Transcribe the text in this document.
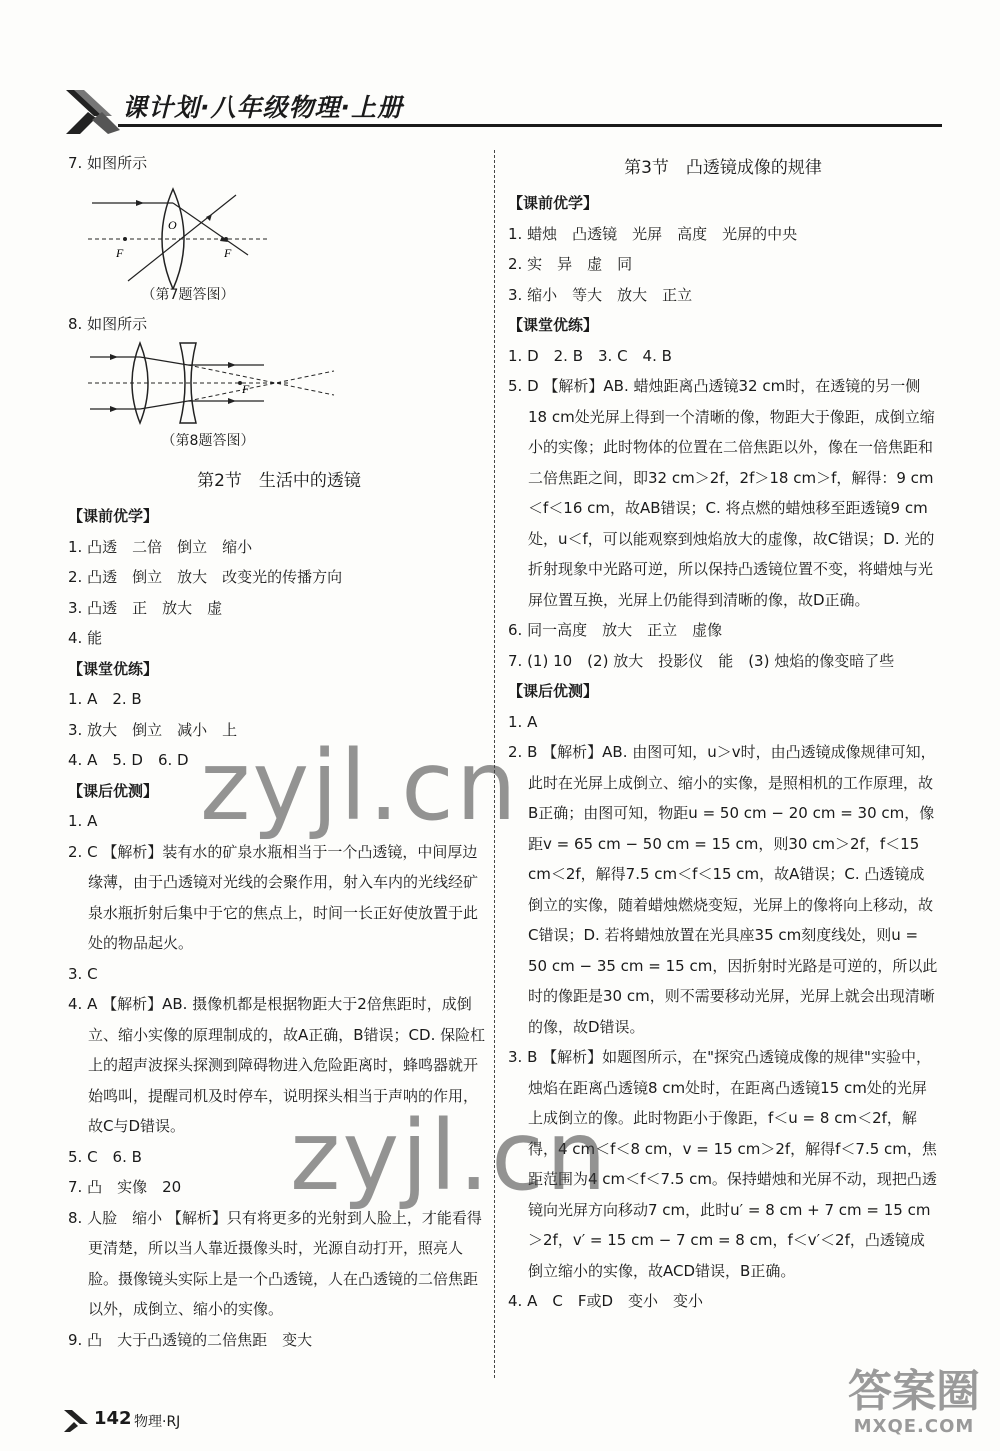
课计划·八年级物理·上册
7. 如图所示
O
F	F
（第7题答图）
8. 如图所示
F
（第8题答图）
第2节　生活中的透镜
【课前优学】
1. 凸透　二倍　倒立　缩小
2. 凸透　倒立　放大　改变光的传播方向
3. 凸透　正　放大　虚
4. 能
【课堂优练】
1. A　2. B
3. 放大　倒立　减小　上
4. A　5. D　6. D
【课后优测】
1. A
2. C 【解析】装有水的矿泉水瓶相当于一个凸透镜，中间厚边缘薄，由于凸透镜对光线的会聚作用，射入车内的光线经矿泉水瓶折射后集中于它的焦点上，时间一长正好使放置于此处的物品起火。
3. C
4. A 【解析】AB. 摄像机都是根据物距大于2倍焦距时，成倒立、缩小实像的原理制成的，故A正确，B错误；CD. 保险杠上的超声波探头探测到障碍物进入危险距离时，蜂鸣器就开始鸣叫，提醒司机及时停车，说明探头相当于声呐的作用，故C与D错误。
5. C　6. B
7. 凸　实像　20
8. 人脸　缩小 【解析】只有将更多的光射到人脸上，才能看得更清楚，所以当人靠近摄像头时，光源自动打开，照亮人脸。摄像镜头实际上是一个凸透镜，人在凸透镜的二倍焦距以外，成倒立、缩小的实像。
9. 凸　大于凸透镜的二倍焦距　变大
第3节　凸透镜成像的规律
【课前优学】
1. 蜡烛　凸透镜　光屏　高度　光屏的中央
2. 实　异　虚　同
3. 缩小　等大　放大　正立
【课堂优练】
1. D　2. B　3. C　4. B
5. D 【解析】AB. 蜡烛距离凸透镜32 cm时，在透镜的另一侧18 cm处光屏上得到一个清晰的像，物距大于像距，成倒立缩小的实像；此时物体的位置在二倍焦距以外，像在一倍焦距和二倍焦距之间，即32 cm＞2f，2f＞18 cm＞f，解得：9 cm＜f＜16 cm，故AB错误；C. 将点燃的蜡烛移至距透镜9 cm处，u＜f，可以能观察到烛焰放大的虚像，故C错误；D. 光的折射现象中光路可逆，所以保持凸透镜位置不变，将蜡烛与光屏位置互换，光屏上仍能得到清晰的像，故D正确。
6. 同一高度　放大　正立　虚像
7. (1) 10　(2) 放大　投影仪　能　(3) 烛焰的像变暗了些
【课后优测】
1. A
2. B 【解析】AB. 由图可知，u＞v时，由凸透镜成像规律可知，此时在光屏上成倒立、缩小的实像，是照相机的工作原理，故B正确；由图可知，物距u = 50 cm − 20 cm = 30 cm，像距v = 65 cm − 50 cm = 15 cm，则30 cm＞2f，f＜15 cm＜2f，解得7.5 cm＜f＜15 cm，故A错误；C. 凸透镜成倒立的实像，随着蜡烛燃烧变短，光屏上的像将向上移动，故C错误；D. 若将蜡烛放置在光具座35 cm刻度线处，则u = 50 cm − 35 cm = 15 cm，因折射时光路是可逆的，所以此时的像距是30 cm，则不需要移动光屏，光屏上就会出现清晰的像，故D错误。
3. B 【解析】如题图所示，在"探究凸透镜成像的规律"实验中，烛焰在距离凸透镜8 cm处时，在距离凸透镜15 cm处的光屏上成倒立的像。此时物距小于像距，f＜u = 8 cm＜2f，解得，4 cm＜f＜8 cm，v = 15 cm＞2f，解得f＜7.5 cm，焦距范围为4 cm＜f＜7.5 cm。保持蜡烛和光屏不动，现把凸透镜向光屏方向移动7 cm，此时u′ = 8 cm + 7 cm = 15 cm＞2f，v′ = 15 cm − 7 cm = 8 cm，f＜v′＜2f，凸透镜成倒立缩小的实像，故ACD错误，B正确。
4. A　C　F或D　变小　变小
zyjl.cn
zyjl.cn
答案圈
MXQE.COM
142 物理·RJ
